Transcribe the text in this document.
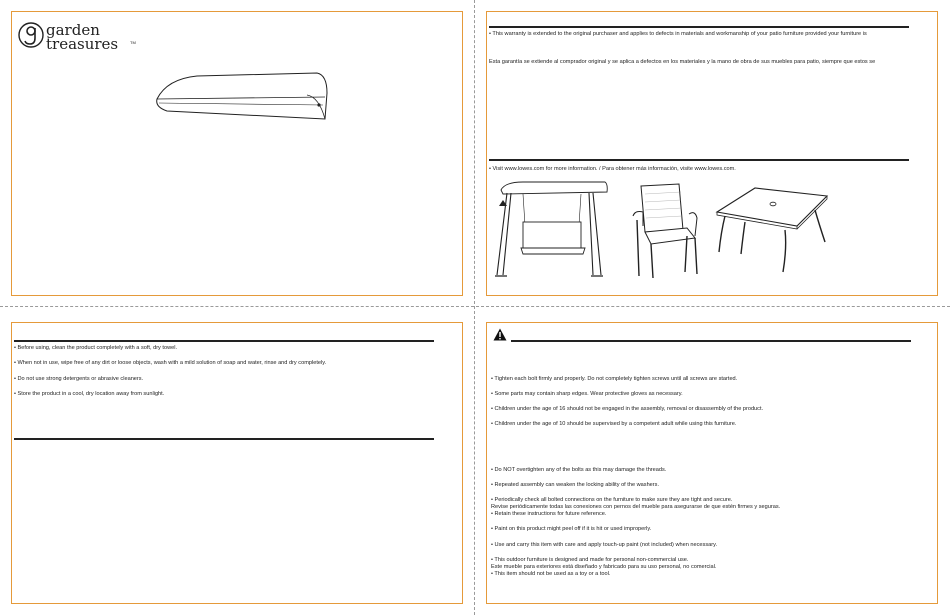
garden
treasures	TM
• This warranty is extended to the original purchaser and applies to defects in materials and workmanship of your patio furniture provided your furniture is
Esta garantía se extiende al comprador original y se aplica a defectos en los materiales y la mano de obra de sus muebles para patio, siempre que estos se
• Visit www.lowes.com for more information. / Para obtener más información, visite www.lowes.com.
• Before using, clean the product completely with a soft, dry towel.
• When not in use, wipe free of any dirt or loose objects, wash with a mild solution of soap and water, rinse and dry completely.
• Do not use strong detergents or abrasive cleaners.
• Store the product in a cool, dry location away from sunlight.
• Tighten each bolt firmly and properly. Do not completely tighten screws until all screws are started.
• Some parts may contain sharp edges. Wear protective gloves as necessary.
• Children under the age of 16 should not be engaged in the assembly, removal or disassembly of the product.
• Children under the age of 10 should be supervised by a competent adult while using this furniture.
• Do NOT overtighten any of the bolts as this may damage the threads.
• Repeated assembly can weaken the locking ability of the washers.
• Periodically check all bolted connections on the furniture to make sure they are tight and secure.
Revise periódicamente todas las conexiones con pernos del mueble para asegurarse de que estén firmes y seguras.
• Retain these instructions for future reference.
• Paint on this product might peel off if it is hit or used improperly.
• Use and carry this item with care and apply touch-up paint (not included) when necessary.
• This outdoor furniture is designed and made for personal non-commercial use.
Este mueble para exteriores está diseñado y fabricado para su uso personal, no comercial.
• This item should not be used as a toy or a tool.
